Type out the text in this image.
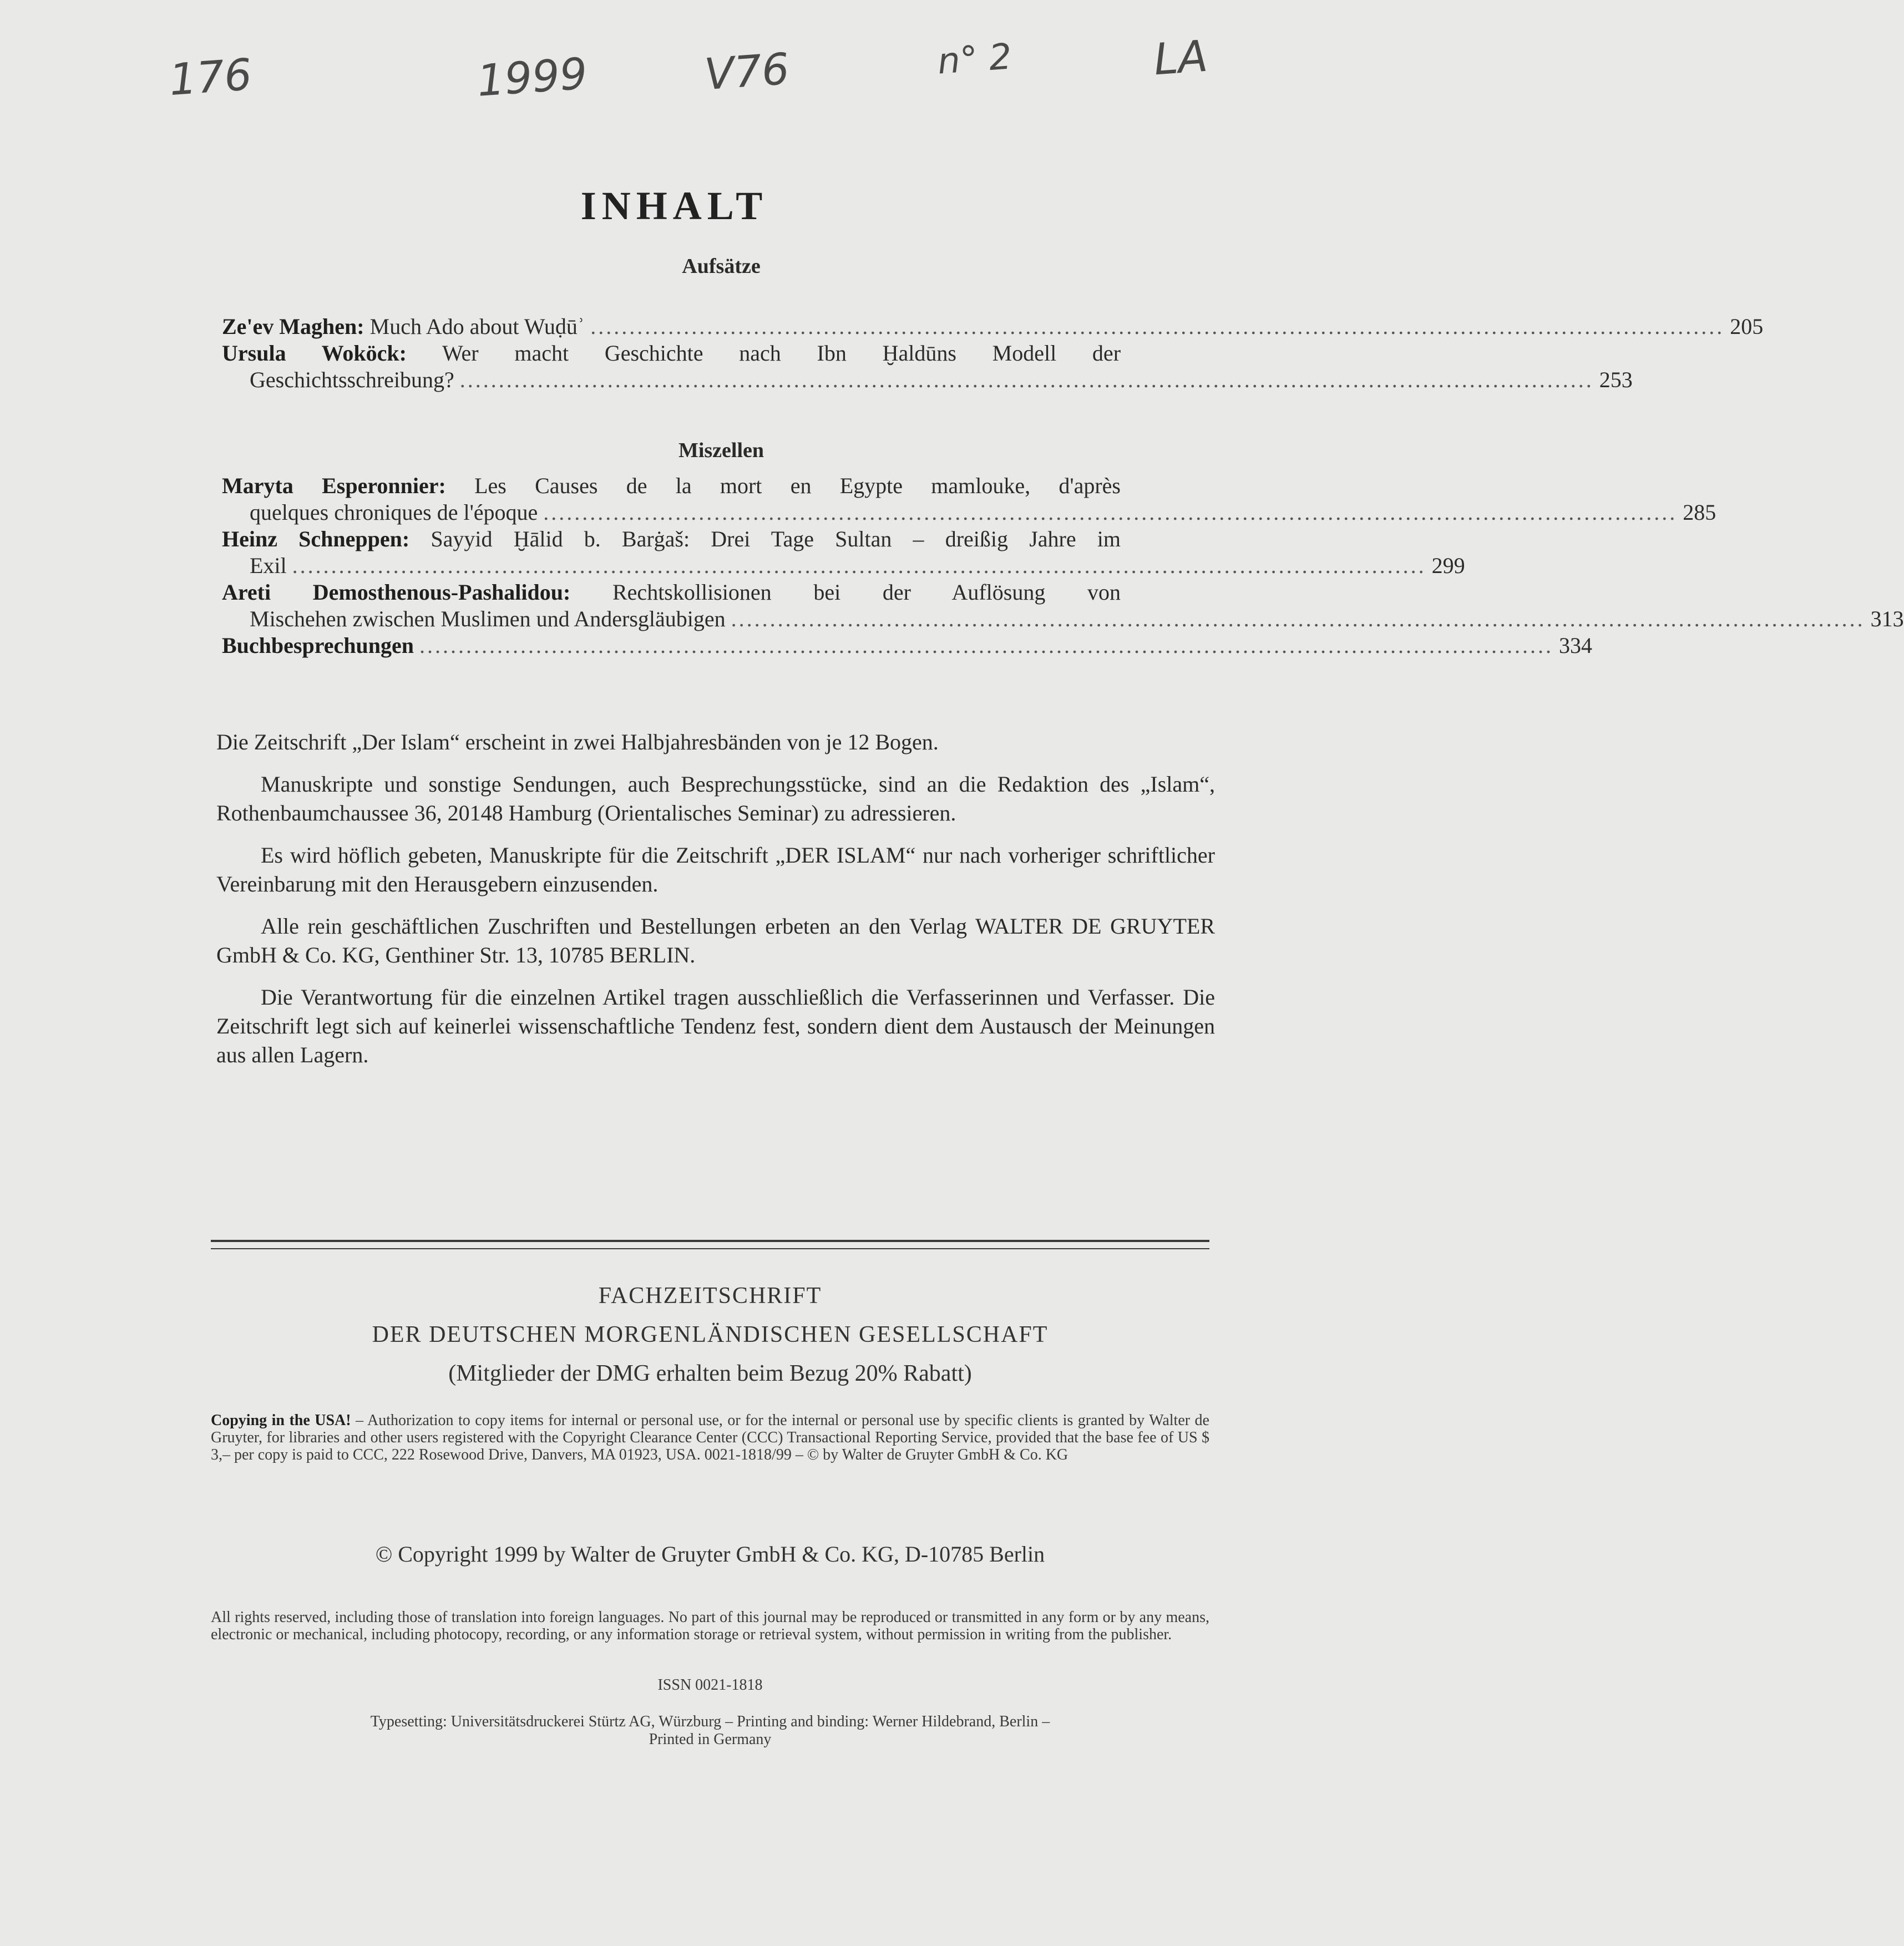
176	1999	V76	n° 2	LA
INHALT
Aufsätze
Ze'ev Maghen: Much Ado about Wuḍūʾ .................................................................................................................................................. 205
Ursula Woköck: Wer macht Geschichte nach Ibn Ḫaldūns Modell der
Geschichtsschreibung? .................................................................................................................................................. 253
Miszellen
Maryta Esperonnier: Les Causes de la mort en Egypte mamlouke, d'après
quelques chroniques de l'époque .................................................................................................................................................. 285
Heinz Schneppen: Sayyid Ḫālid b. Barġaš: Drei Tage Sultan – dreißig Jahre im
Exil .................................................................................................................................................. 299
Areti Demosthenous-Pashalidou: Rechtskollisionen bei der Auflösung von
Mischehen zwischen Muslimen und Andersgläubigen .................................................................................................................................................. 313
Buchbesprechungen .................................................................................................................................................. 334

Die Zeitschrift „Der Islam“ erscheint in zwei Halbjahresbänden von je 12 Bogen.

Manuskripte und sonstige Sendungen, auch Besprechungsstücke, sind an die Redaktion des „Islam“, Rothenbaumchaussee 36, 20148 Hamburg (Orientalisches Seminar) zu adressieren.

Es wird höflich gebeten, Manuskripte für die Zeitschrift „DER ISLAM“ nur nach vorheriger schriftlicher Vereinbarung mit den Herausgebern einzusenden.

Alle rein geschäftlichen Zuschriften und Bestellungen erbeten an den Verlag WALTER DE GRUYTER GmbH & Co. KG, Genthiner Str. 13, 10785 BERLIN.

Die Verantwortung für die einzelnen Artikel tragen ausschließlich die Verfasserinnen und Verfasser. Die Zeitschrift legt sich auf keinerlei wissenschaftliche Tendenz fest, sondern dient dem Austausch der Meinungen aus allen Lagern.

FACHZEITSCHRIFT
DER DEUTSCHEN MORGENLÄNDISCHEN GESELLSCHAFT
(Mitglieder der DMG erhalten beim Bezug 20% Rabatt)
Copying in the USA! – Authorization to copy items for internal or personal use, or for the internal or personal use by specific clients is granted by Walter de Gruyter, for libraries and other users registered with the Copyright Clearance Center (CCC) Transactional Reporting Service, provided that the base fee of US $ 3,– per copy is paid to CCC, 222 Rosewood Drive, Danvers, MA 01923, USA. 0021-1818/99 – © by Walter de Gruyter GmbH & Co. KG
© Copyright 1999 by Walter de Gruyter GmbH & Co. KG, D-10785 Berlin
All rights reserved, including those of translation into foreign languages. No part of this journal may be reproduced or transmitted in any form or by any means, electronic or mechanical, including photocopy, recording, or any information storage or retrieval system, without permission in writing from the publisher.
ISSN 0021-1818
Typesetting: Universitätsdruckerei Stürtz AG, Würzburg – Printing and binding: Werner Hildebrand, Berlin –
Printed in Germany
